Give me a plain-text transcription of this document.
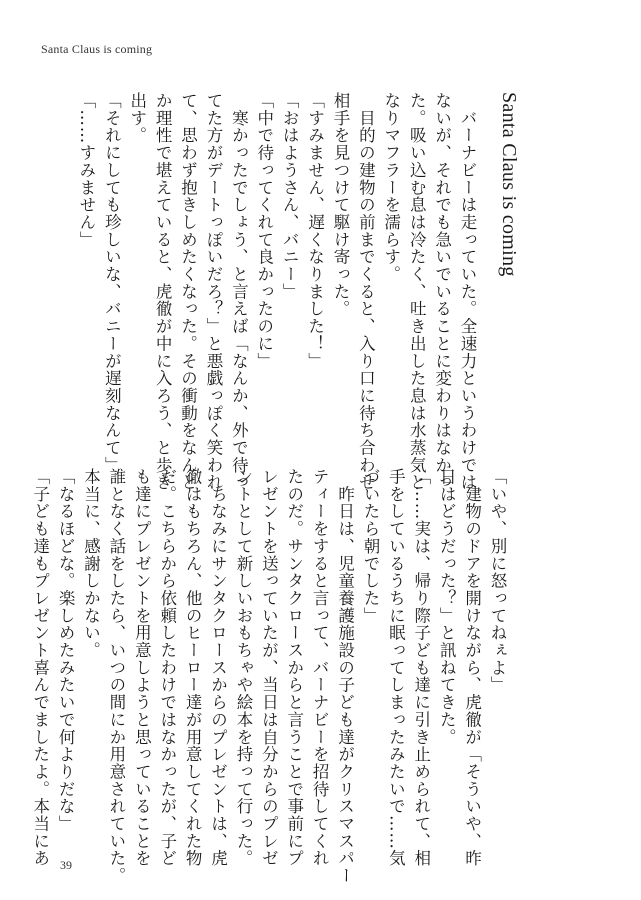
Santa Claus is coming
Santa Claus is coming
　バーナビーは走っていた。全速力というわけでは
ないが、それでも急いでいることに変わりはなかっ
た。吸い込む息は冷たく、吐き出した息は水蒸気と
なりマフラーを濡らす。
　目的の建物の前までくると、入り口に待ち合わせ
相手を見つけて駆け寄った。
「すみません、遅くなりました！」
「おはようさん、バニー」
「中で待ってくれて良かったのに」
　寒かったでしょう、と言えば「なんか、外で待っ
てた方がデートっぽいだろ？」と悪戯っぽく笑われ
て、思わず抱きしめたくなった。その衝動をなんと
か理性で堪えていると、虎徹が中に入ろう、と歩き
出す。
「それにしても珍しいな、バニーが遅刻なんて」
「……すみません」
「いや、別に怒ってねぇよ」
　建物のドアを開けながら、虎徹が「そういや、昨
日はどうだった？」と訊ねてきた。
「……実は、帰り際子ども達に引き止められて、相
手をしているうちに眠ってしまったみたいで……気
づいたら朝でした」
　昨日は、児童養護施設の子ども達がクリスマスパー
ティーをすると言って、バーナビーを招待してくれ
たのだ。サンタクロースからと言うことで事前にプ
レゼントを送っていたが、当日は自分からのプレゼ
ントとして新しいおもちゃや絵本を持って行った。
　ちなみにサンタクロースからのプレゼントは、虎
徹はもちろん、他のヒーロー達が用意してくれた物
だ。こちらから依頼したわけではなかったが、子ど
も達にプレゼントを用意しようと思っていることを
誰となく話をしたら、いつの間にか用意されていた。
本当に、感謝しかない。
「なるほどな。楽しめたみたいで何よりだな」
「子ども達もプレゼント喜んでましたよ。本当にあ 39
